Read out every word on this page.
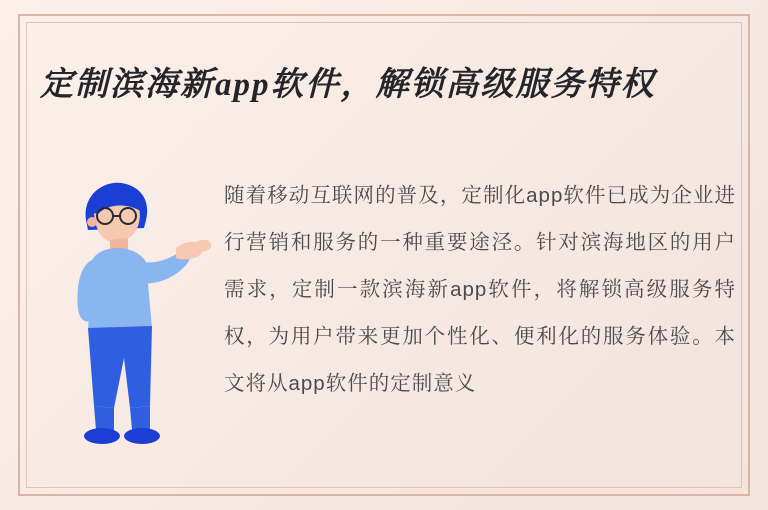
定制滨海新app软件，解锁高级服务特权
随着移动互联网的普及，定制化app软件已成为企业进行营销和服务的一种重要途泾。针对滨海地区的用户需求，定制一款滨海新app软件，将解锁高级服务特权，为用户带来更加个性化、便利化的服务体验。本文将从app软件的定制意义
